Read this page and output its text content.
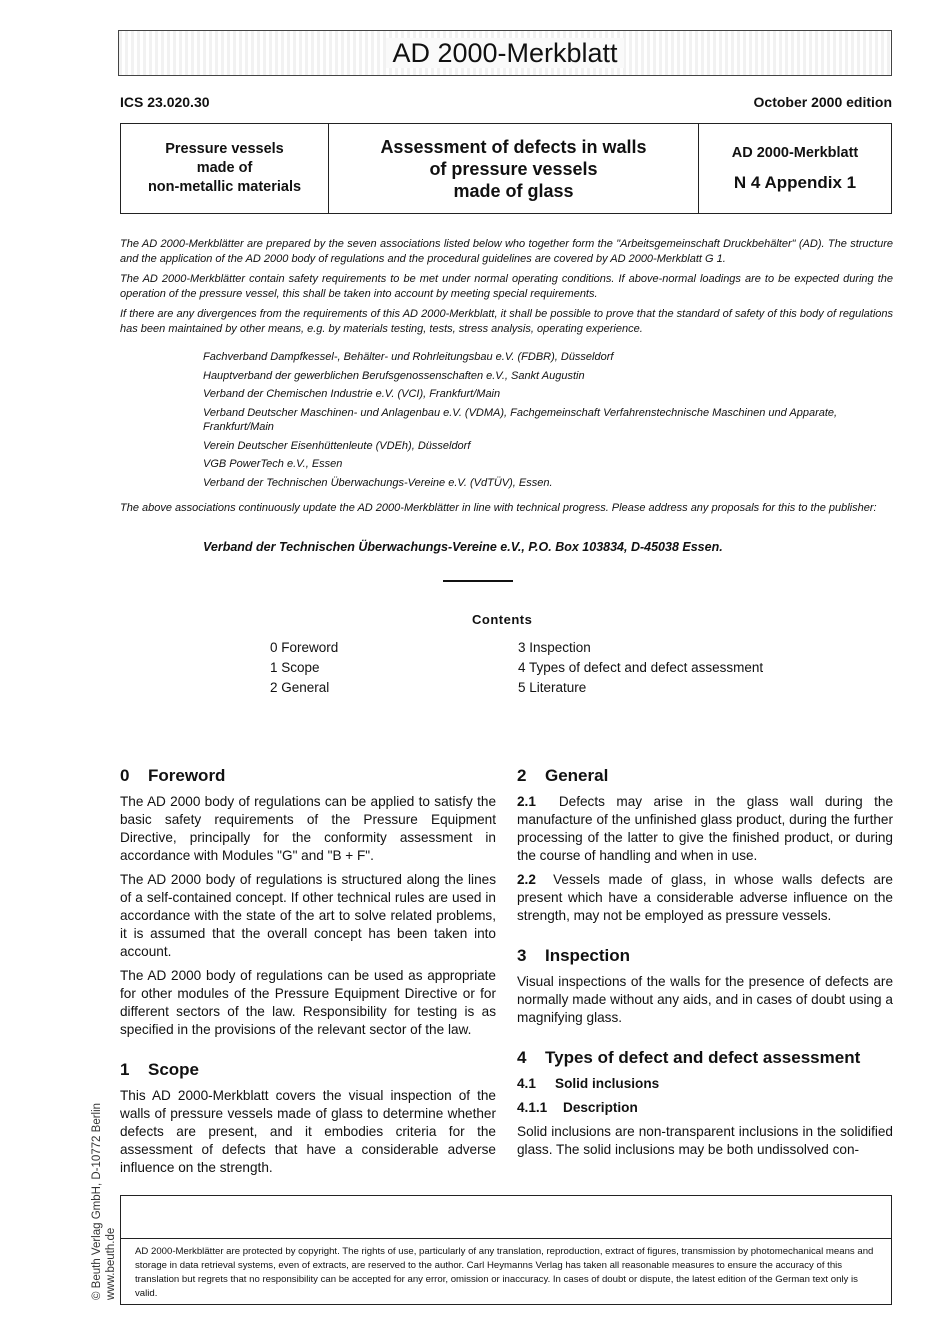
AD 2000-Merkblatt
ICS 23.020.30	October 2000 edition
Pressure vessels
made of
non-metallic materials
Assessment of defects in walls
of pressure vessels
made of glass
AD 2000-Merkblatt
N 4 Appendix 1

The AD 2000-Merkblätter are prepared by the seven associations listed below who together form the "Arbeitsgemeinschaft Druckbehälter" (AD). The structure and the application of the AD 2000 body of regulations and the procedural guidelines are covered by AD 2000-Merkblatt G 1.

The AD 2000-Merkblätter contain safety requirements to be met under normal operating conditions. If above-normal loadings are to be expected during the operation of the pressure vessel, this shall be taken into account by meeting special requirements.

If there are any divergences from the requirements of this AD 2000-Merkblatt, it shall be possible to prove that the standard of safety of this body of regulations has been maintained by other means, e.g. by materials testing, tests, stress analysis, operating experience.

Fachverband Dampfkessel-, Behälter- und Rohrleitungsbau e.V. (FDBR), Düsseldorf
Hauptverband der gewerblichen Berufsgenossenschaften e.V., Sankt Augustin
Verband der Chemischen Industrie e.V. (VCI), Frankfurt/Main
Verband Deutscher Maschinen- und Anlagenbau e.V. (VDMA), Fachgemeinschaft Verfahrenstechnische Maschinen und Apparate, Frankfurt/Main
Verein Deutscher Eisenhüttenleute (VDEh), Düsseldorf
VGB PowerTech e.V., Essen
Verband der Technischen Überwachungs-Vereine e.V. (VdTÜV), Essen.
The above associations continuously update the AD 2000-Merkblätter in line with technical progress. Please address any proposals for this to the publisher:
Verband der Technischen Überwachungs-Vereine e.V., P.O. Box 103834, D-45038 Essen.
Contents
0 Foreword
1 Scope
2 General
3 Inspection
4 Types of defect and defect assessment
5 Literature
0 Foreword

The AD 2000 body of regulations can be applied to satisfy the basic safety requirements of the Pressure Equipment Directive, principally for the conformity assessment in accordance with Modules "G" and "B + F".

The AD 2000 body of regulations is structured along the lines of a self-contained concept. If other technical rules are used in accordance with the state of the art to solve related problems, it is assumed that the overall concept has been taken into account.

The AD 2000 body of regulations can be used as appropriate for other modules of the Pressure Equipment Directive or for different sectors of the law. Responsibility for testing is as specified in the provisions of the relevant sector of the law.

1 Scope

This AD 2000-Merkblatt covers the visual inspection of the walls of pressure vessels made of glass to determine whether defects are present, and it embodies criteria for the assessment of defects that have a considerable adverse influence on the strength.

2 General

2.1 Defects may arise in the glass wall during the manufacture of the unfinished glass product, during the further processing of the latter to give the finished product, or during the course of handling and when in use.

2.2 Vessels made of glass, in whose walls defects are present which have a considerable adverse influence on the strength, may not be employed as pressure vessels.

3 Inspection

Visual inspections of the walls for the presence of defects are normally made without any aids, and in cases of doubt using a magnifying glass.

4 Types of defect and defect assessment
4.1 Solid inclusions
4.1.1 Description

Solid inclusions are non-transparent inclusions in the solidified glass. The solid inclusions may be both undissolved con-

AD 2000-Merkblätter are protected by copyright. The rights of use, particularly of any translation, reproduction, extract of figures, transmission by photomechanical means and storage in data retrieval systems, even of extracts, are reserved to the author. Carl Heymanns Verlag has taken all reasonable measures to ensure the accuracy of this translation but regrets that no responsibility can be accepted for any error, omission or inaccuracy. In cases of doubt or dispute, the latest edition of the German text only is valid.
© Beuth Verlag GmbH, D-10772 Berlin www.beuth.de
